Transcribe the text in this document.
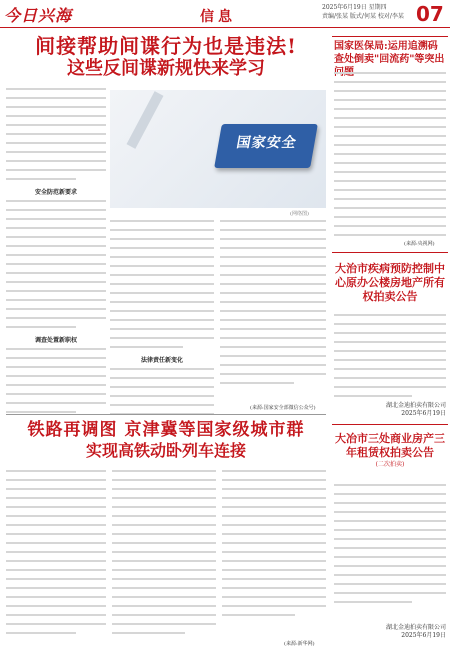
今日兴海	信息
2025年6月19日 星期四
责编/张某 版式/何某 校对/李某 07
间接帮助间谍行为也是违法!
这些反间谍新规快来学习
安全防范新要求
调查处置新职权
国家安全
(网络图)
法律责任新变化
(来源:国家安全部微信公众号)
铁路再调图 京津冀等国家级城市群
实现高铁动卧列车连接
(来源:新华网)
国家医保局:运用追溯码查处倒卖"回流药"等突出问题
(来源:央视网)
大治市疾病预防控制中心原办公楼房地产所有权拍卖公告
湖北金迪拍卖有限公司
2025年6月19日
大冶市三处商业房产三年租赁权拍卖公告
(二次拍卖)
湖北金迪拍卖有限公司
2025年6月19日
